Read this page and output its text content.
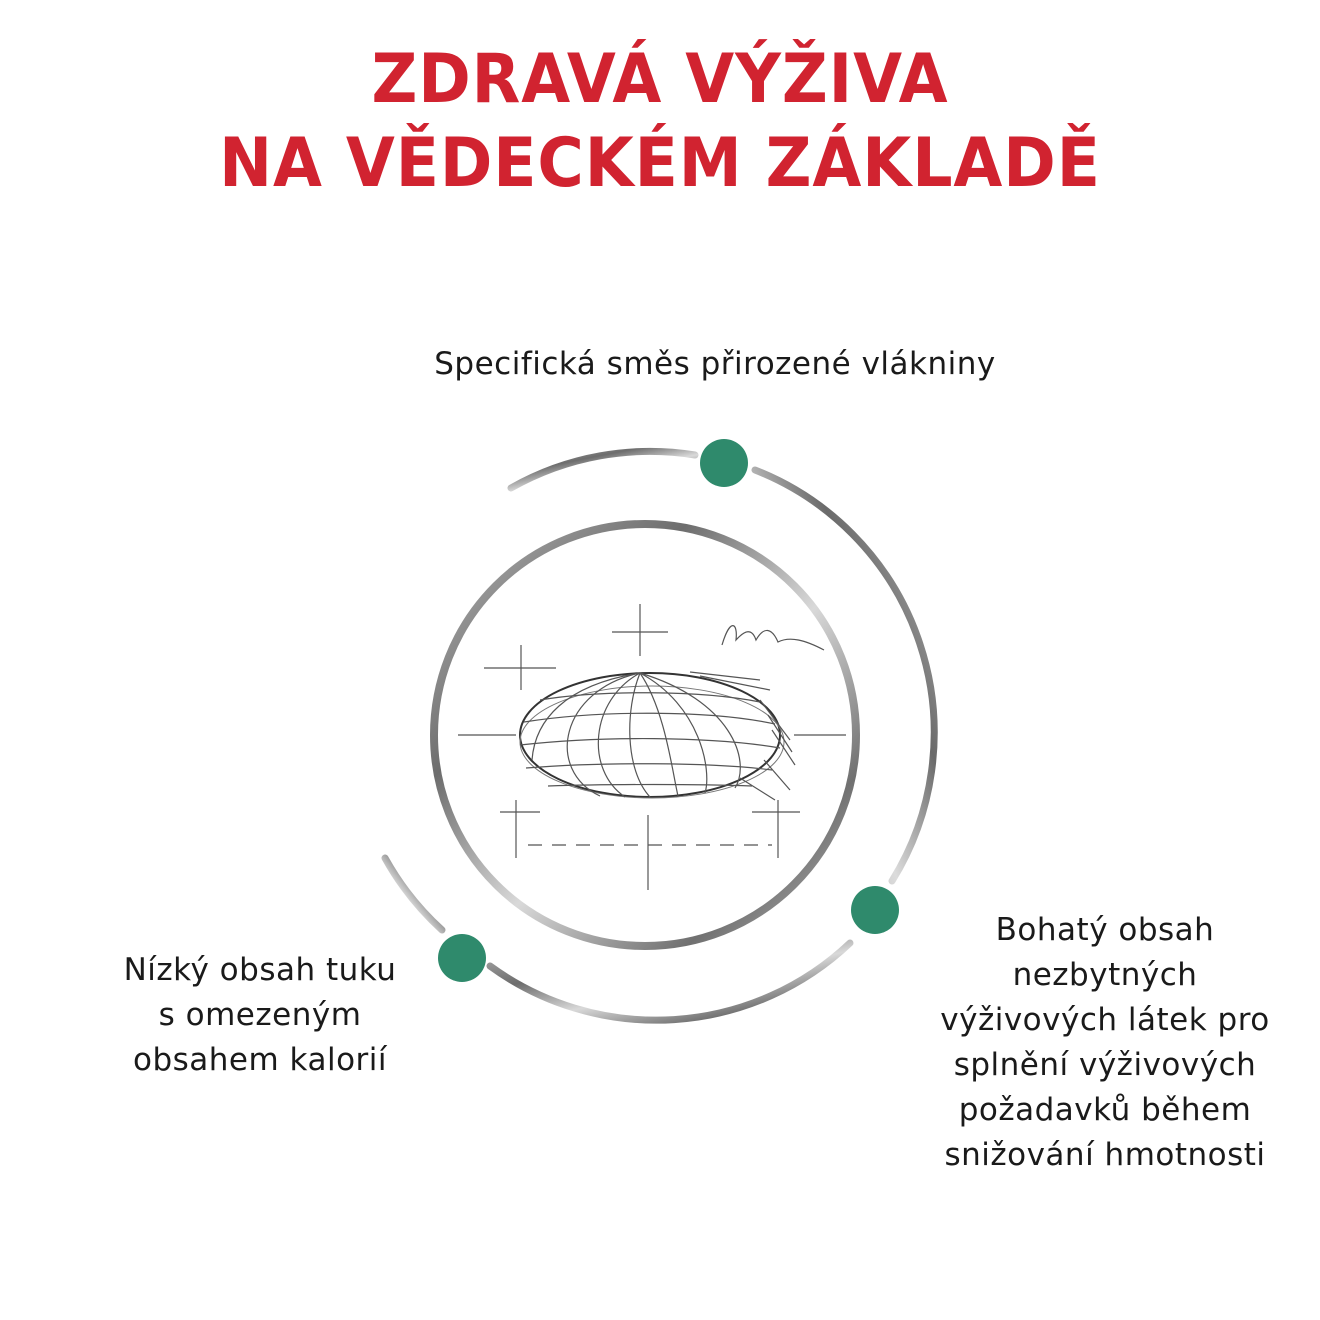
ZDRAVÁ VÝŽIVA
NA VĚDECKÉM ZÁKLADĚ
Specifická směs přirozené vlákniny
Nízký obsah tuku
s omezeným
obsahem kalorií
Bohatý obsah
nezbytných
výživových látek pro
splnění výživových
požadavků během
snižování hmotnosti
